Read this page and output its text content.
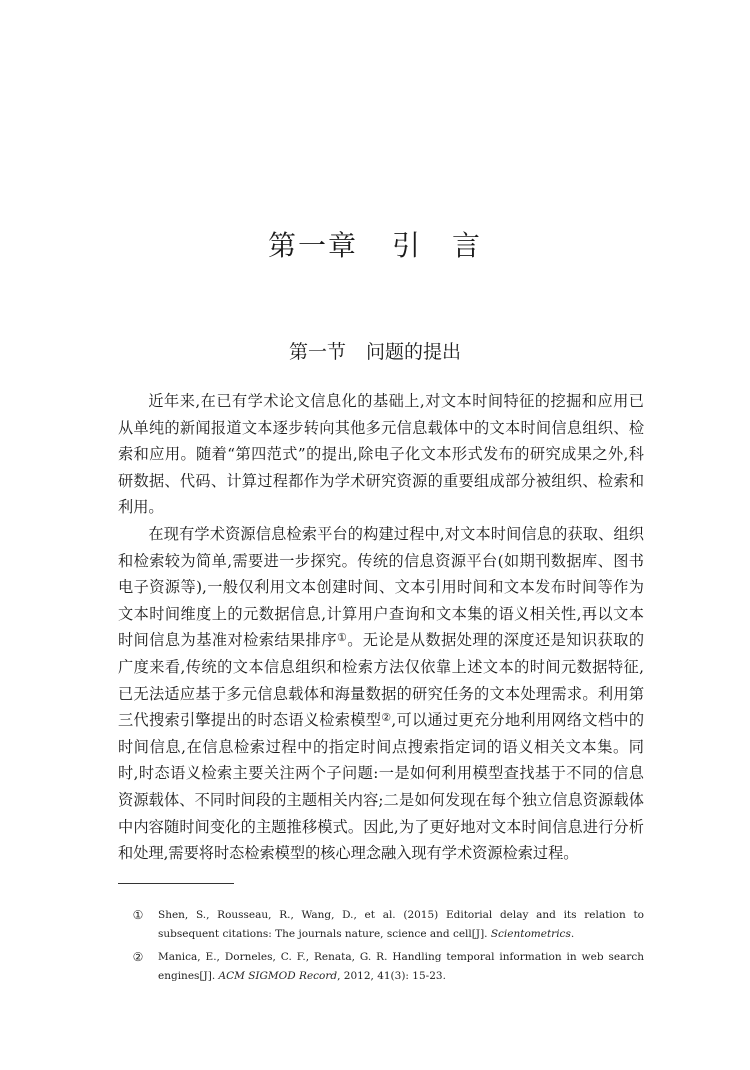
第一章 引 言
第一节 问题的提出

近年来,在已有学术论文信息化的基础上,对文本时间特征的挖掘和应用已从单纯的新闻报道文本逐步转向其他多元信息载体中的文本时间信息组织、检索和应用。随着“第四范式”的提出,除电子化文本形式发布的研究成果之外,科研数据、代码、计算过程都作为学术研究资源的重要组成部分被组织、检索和利用。

在现有学术资源信息检索平台的构建过程中,对文本时间信息的获取、组织和检索较为简单,需要进一步探究。传统的信息资源平台(如期刊数据库、图书电子资源等),一般仅利用文本创建时间、文本引用时间和文本发布时间等作为文本时间维度上的元数据信息,计算用户查询和文本集的语义相关性,再以文本时间信息为基准对检索结果排序①。无论是从数据处理的深度还是知识获取的广度来看,传统的文本信息组织和检索方法仅依靠上述文本的时间元数据特征,已无法适应基于多元信息载体和海量数据的研究任务的文本处理需求。利用第三代搜索引擎提出的时态语义检索模型②,可以通过更充分地利用网络文档中的时间信息,在信息检索过程中的指定时间点搜索指定词的语义相关文本集。同时,时态语义检索主要关注两个子问题:一是如何利用模型查找基于不同的信息资源载体、不同时间段的主题相关内容;二是如何发现在每个独立信息资源载体中内容随时间变化的主题推移模式。因此,为了更好地对文本时间信息进行分析和处理,需要将时态检索模型的核心理念融入现有学术资源检索过程。

①	Shen, S., Rousseau, R., Wang, D., et al. (2015) Editorial delay and its relation to subsequent citations: The journals nature, science and cell[J]. Scientometrics.
②	Manica, E., Dorneles, C. F., Renata, G. R. Handling temporal information in web search engines[J]. ACM SIGMOD Record, 2012, 41(3): 15-23.
